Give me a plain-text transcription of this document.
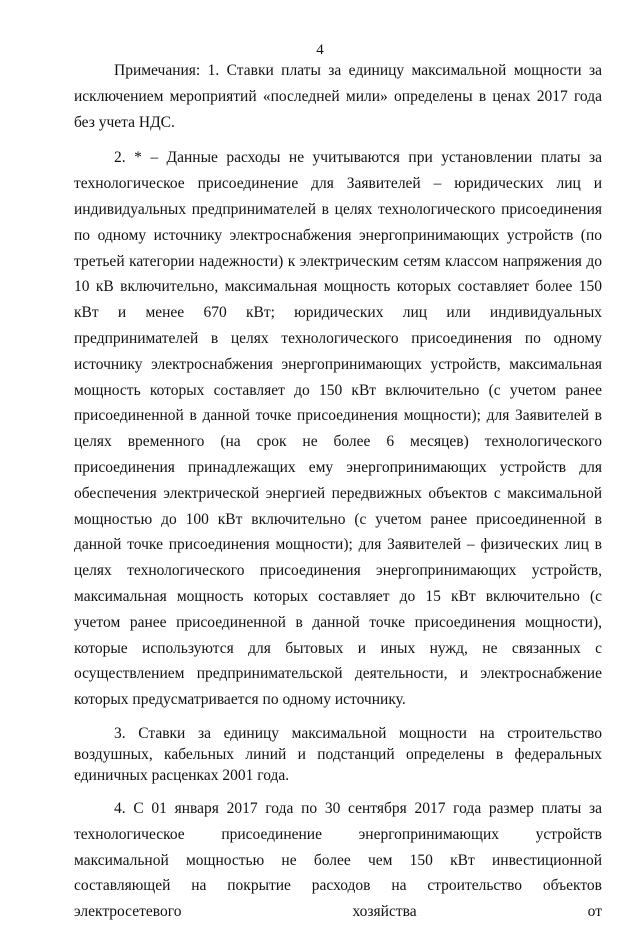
4

Примечания: 1. Ставки платы за единицу максимальной мощности за исключением мероприятий «последней мили» определены в ценах 2017 года без учета НДС.

2. * – Данные расходы не учитываются при установлении платы за технологическое присоединение для Заявителей – юридических лиц и индивидуальных предпринимателей в целях технологического присоединения по одному источнику электроснабжения энергопринимающих устройств (по третьей категории надежности) к электрическим сетям классом напряжения до 10 кВ включительно, максимальная мощность которых составляет более 150 кВт и менее 670 кВт; юридических лиц или индивидуальных предпринимателей в целях технологического присоединения по одному источнику электроснабжения энергопринимающих устройств, максимальная мощность которых составляет до 150 кВт включительно (с учетом ранее присоединенной в данной точке присоединения мощности); для Заявителей в целях временного (на срок не более 6 месяцев) технологического присоединения принадлежащих ему энергопринимающих устройств для обеспечения электрической энергией передвижных объектов с максимальной мощностью до 100 кВт включительно (с учетом ранее присоединенной в данной точке присоединения мощности); для Заявителей – физических лиц в целях технологического присоединения энергопринимающих устройств, максимальная мощность которых составляет до 15 кВт включительно (с учетом ранее присоединенной в данной точке присоединения мощности), которые используются для бытовых и иных нужд, не связанных с осуществлением предпринимательской деятельности, и электроснабжение которых предусматривается по одному источнику.

3. Ставки за единицу максимальной мощности на строительство воздушных, кабельных линий и подстанций определены в федеральных единичных расценках 2001 года.

4. С 01 января 2017 года по 30 сентября 2017 года размер платы за технологическое присоединение энергопринимающих устройств максимальной мощностью не более чем 150 кВт инвестиционной составляющей на покрытие расходов на строительство объектов электросетевого хозяйства от
